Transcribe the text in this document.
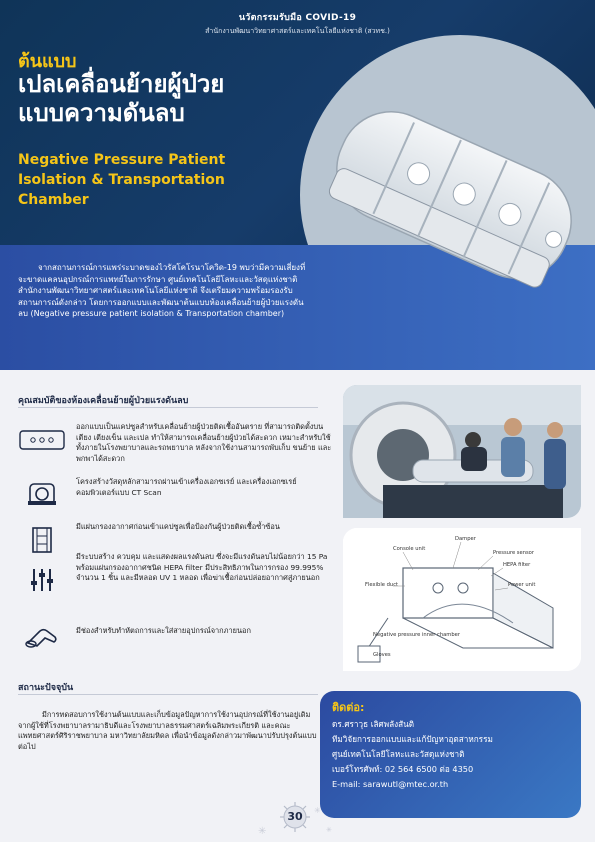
นวัตกรรมรับมือ COVID-19
สำนักงานพัฒนาวิทยาศาสตร์และเทคโนโลยีแห่งชาติ (สวทช.)
ต้นแบบ
เปลเคลื่อนย้ายผู้ป่วยแบบความดันลบ
Negative Pressure Patient Isolation & Transportation Chamber
จากสถานการณ์การแพร่ระบาดของไวรัสโคโรนาโควิด-19 พบว่ามีความเสี่ยงที่จะขาดแคลนอุปกรณ์การแพทย์ในการรักษา ศูนย์เทคโนโลยีโลหะและวัสดุแห่งชาติ สำนักงานพัฒนาวิทยาศาสตร์และเทคโนโลยีแห่งชาติ จึงเตรียมความพร้อมรองรับสถานการณ์ดังกล่าว โดยการออกแบบและพัฒนาต้นแบบห้องเคลื่อนย้ายผู้ป่วยแรงดันลบ (Negative pressure patient isolation & Transportation chamber)
คุณสมบัติของห้องเคลื่อนย้ายผู้ป่วยแรงดันลบ
ออกแบบเป็นแคปซูลสำหรับเคลื่อนย้ายผู้ป่วยติดเชื้ออันตราย ที่สามารถติดตั้งบนเตียง เตียงเข็น และเปล ทำให้สามารถเคลื่อนย้ายผู้ป่วยได้สะดวก เหมาะสำหรับใช้ทั้งภายในโรงพยาบาลและรถพยาบาล หลังจากใช้งานสามารถพับเก็บ ขนย้าย และพกพาได้สะดวก
โครงสร้างวัสดุหลักสามารถผ่านเข้าเครื่องเอกซเรย์ และเครื่องเอกซเรย์คอมพิวเตอร์แบบ CT Scan
มีแผ่นกรองอากาศก่อนเข้าแคปซูลเพื่อป้องกันผู้ป่วยติดเชื้อซ้ำซ้อน
มีระบบสร้าง ควบคุม และแสดงผลแรงดันลบ ซึ่งจะมีแรงดันลบไม่น้อยกว่า 15 Pa พร้อมแผ่นกรองอากาศชนิด HEPA filter มีประสิทธิภาพในการกรอง 99.995% จำนวน 1 ชิ้น และมีหลอด UV 1 หลอด เพื่อฆ่าเชื้อก่อนปล่อยอากาศสู่ภายนอก
มีช่องสำหรับทำหัตถการและใส่สายอุปกรณ์จากภายนอก
Console unit
Damper
Pressure sensor
HEPA filter
Power unit
Flexible duct
Negative pressure inner chamber
Gloves
สถานะปัจจุบัน
มีการทดสอบการใช้งานต้นแบบและเก็บข้อมูลปัญหาการใช้งานอุปกรณ์ที่ใช้งานอยู่เดิมจากผู้ใช้ที่โรงพยาบาลรามาธิบดีและโรงพยาบาลธรรมศาสตร์เฉลิมพระเกียรติ และคณะแพทยศาสตร์ศิริราชพยาบาล มหาวิทยาลัยมหิดล เพื่อนำข้อมูลดังกล่าวมาพัฒนาปรับปรุงต้นแบบต่อไป
ติดต่อ:
ดร.ศราวุธ เลิศพลังสันติ
ทีมวิจัยการออกแบบและแก้ปัญหาอุตสาหกรรม
ศูนย์เทคโนโลยีโลหะและวัสดุแห่งชาติ
เบอร์โทรศัพท์: 02 564 6500 ต่อ 4350
E-mail: sarawutl@mtec.or.th
30
✳
✳
✳
